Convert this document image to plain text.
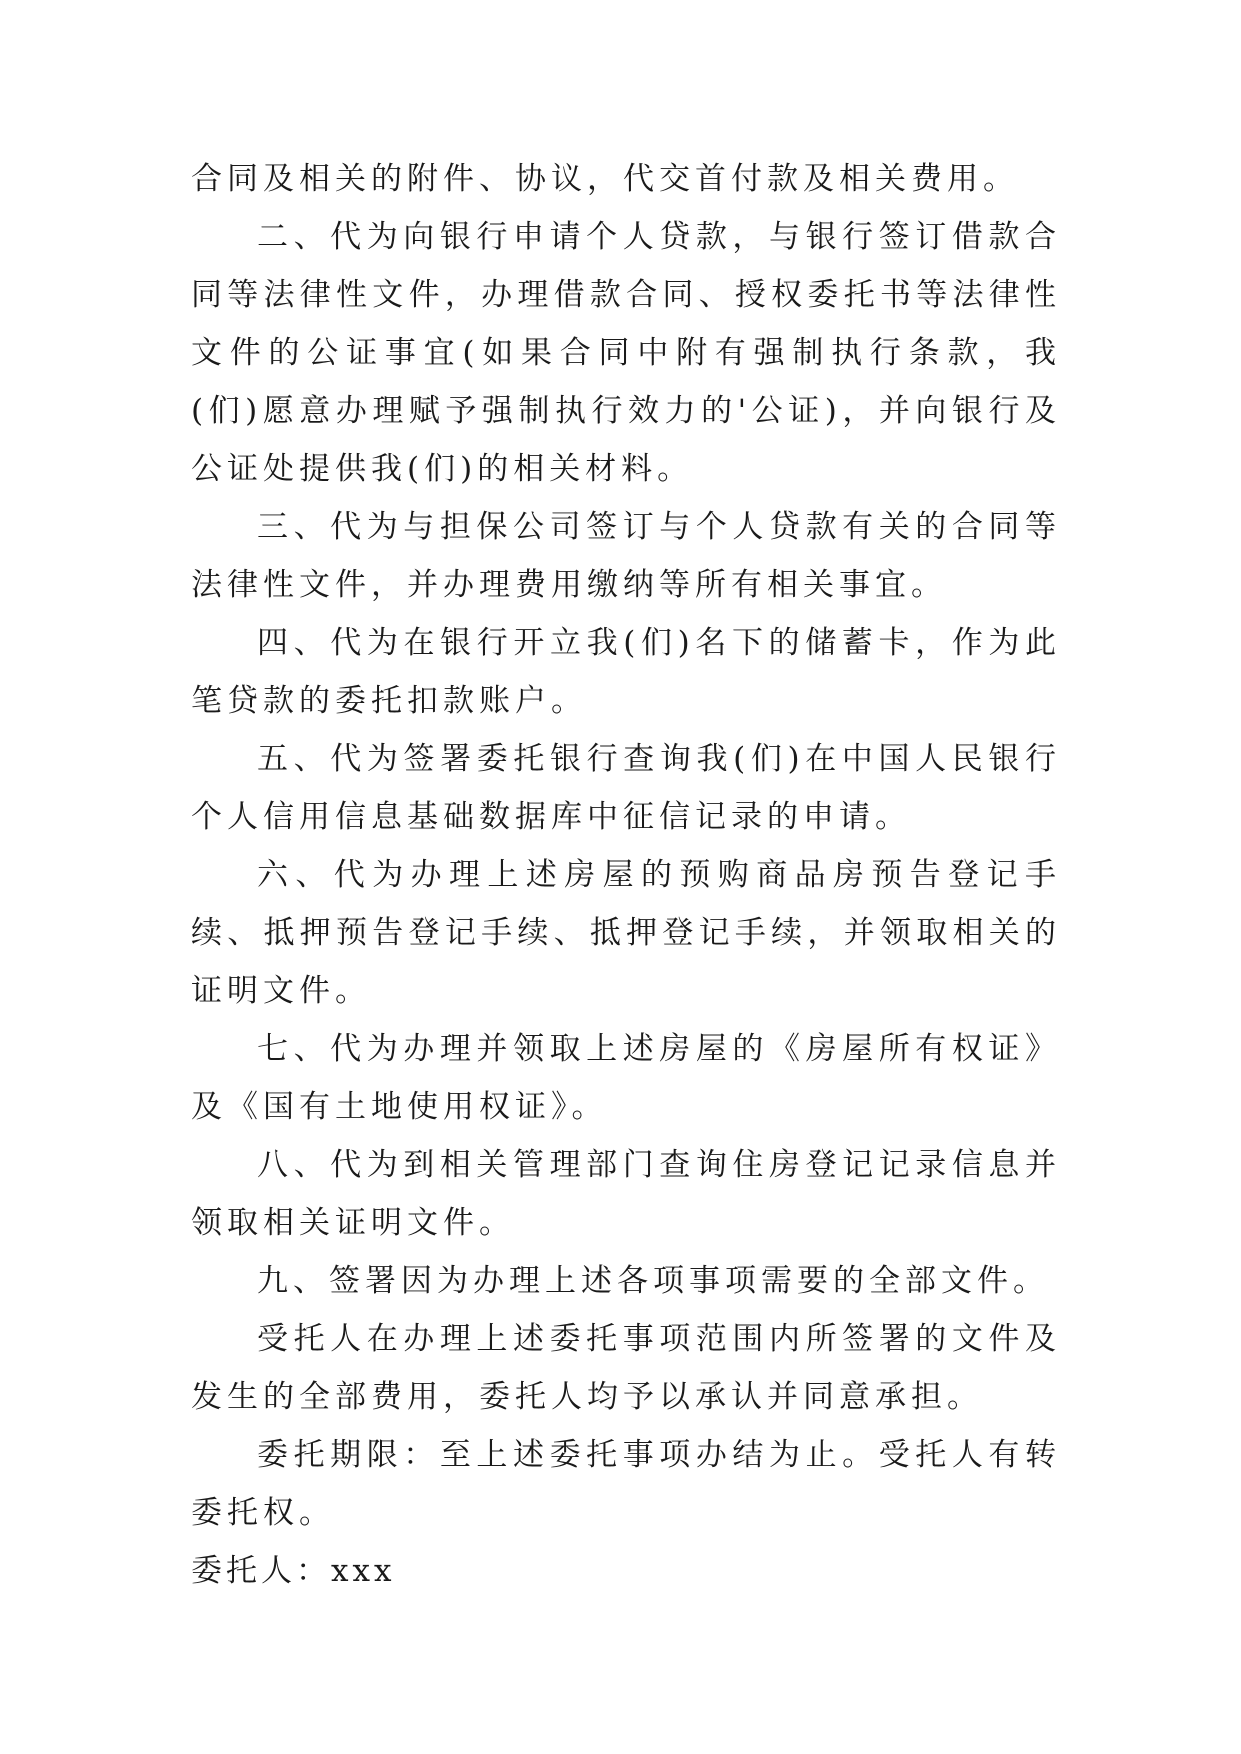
合同及相关的附件、协议，代交首付款及相关费用。

二、代为向银行申请个人贷款，与银行签订借款合同等法律性文件，办理借款合同、授权委托书等法律性文件的公证事宜(如果合同中附有强制执行条款，我(们)愿意办理赋予强制执行效力的'公证)，并向银行及公证处提供我(们)的相关材料。

三、代为与担保公司签订与个人贷款有关的合同等法律性文件，并办理费用缴纳等所有相关事宜。

四、代为在银行开立我(们)名下的储蓄卡，作为此笔贷款的委托扣款账户。

五、代为签署委托银行查询我(们)在中国人民银行个人信用信息基础数据库中征信记录的申请。

六、代为办理上述房屋的预购商品房预告登记手续、抵押预告登记手续、抵押登记手续，并领取相关的证明文件。

七、代为办理并领取上述房屋的《房屋所有权证》及《国有土地使用权证》。

八、代为到相关管理部门查询住房登记记录信息并领取相关证明文件。

九、签署因为办理上述各项事项需要的全部文件。

受托人在办理上述委托事项范围内所签署的文件及发生的全部费用，委托人均予以承认并同意承担。

委托期限：至上述委托事项办结为止。受托人有转委托权。

委托人：xxx
